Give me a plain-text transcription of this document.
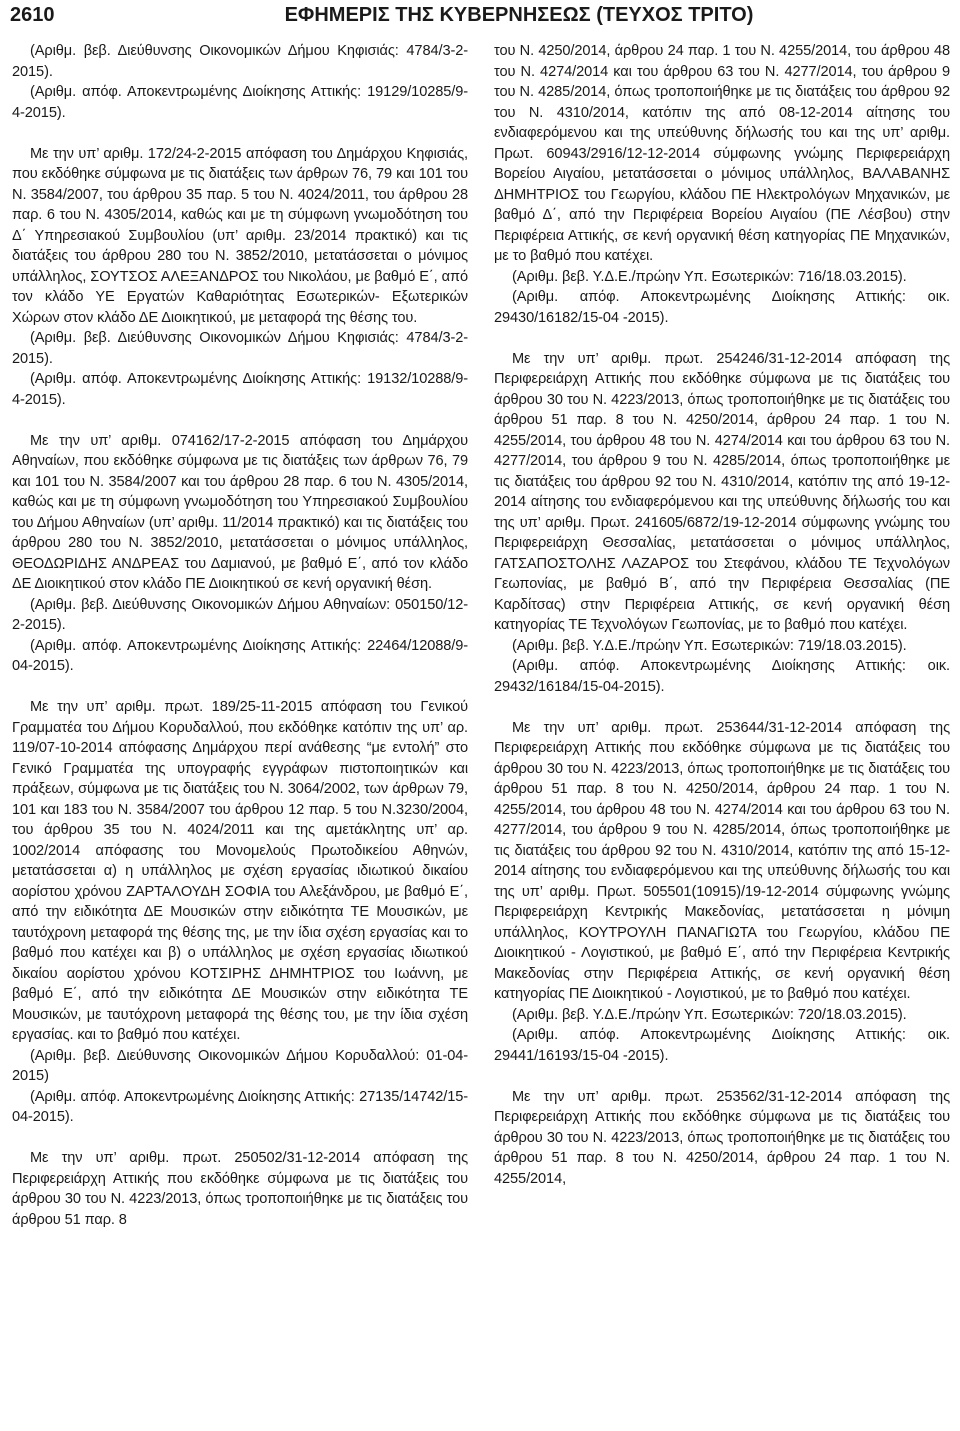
2610	ΕΦΗΜΕΡΙΣ ΤΗΣ ΚΥΒΕΡΝΗΣΕΩΣ (ΤΕΥΧΟΣ ΤΡΙΤΟ)

(Αριθμ. βεβ. Διεύθυνσης Οικονομικών Δήμου Κηφισιάς: 4784/3-2-2015).

(Αριθμ. απόφ. Αποκεντρωμένης Διοίκησης Αττικής: 19129/10285/9-4-2015).

Με την υπ’ αριθμ. 172/24-2-2015 απόφαση του Δημάρχου Κηφισιάς, που εκδόθηκε σύμφωνα με τις διατάξεις των άρθρων 76, 79 και 101 του Ν. 3584/2007, του άρθρου 35 παρ. 5 του Ν. 4024/2011, του άρθρου 28 παρ. 6 του Ν. 4305/2014, καθώς και με τη σύμφωνη γνωμοδότηση του Δ΄ Υπηρεσιακού Συμβουλίου (υπ’ αριθμ. 23/2014 πρακτικό) και τις διατάξεις του άρθρου 280 του Ν. 3852/2010, μετατάσσεται ο μόνιμος υπάλληλος, ΣΟΥΤΣΟΣ ΑΛΕΞΑΝΔΡΟΣ του Νικολάου, με βαθμό Ε΄, από τον κλάδο ΥΕ Εργατών Καθαριότητας Εσωτερικών- Εξωτερικών Χώρων στον κλάδο ΔΕ Διοικητικού, με μεταφορά της θέσης του.

(Αριθμ. βεβ. Διεύθυνσης Οικονομικών Δήμου Κηφισιάς: 4784/3-2-2015).

(Αριθμ. απόφ. Αποκεντρωμένης Διοίκησης Αττικής: 19132/10288/9-4-2015).

Με την υπ’ αριθμ. 074162/17-2-2015 απόφαση του Δημάρχου Αθηναίων, που εκδόθηκε σύμφωνα με τις διατάξεις των άρθρων 76, 79 και 101 του Ν. 3584/2007 και του άρθρου 28 παρ. 6 του Ν. 4305/2014, καθώς και με τη σύμφωνη γνωμοδότηση του Υπηρεσιακού Συμβουλίου του Δήμου Αθηναίων (υπ’ αριθμ. 11/2014 πρακτικό) και τις διατάξεις του άρθρου 280 του Ν. 3852/2010, μετατάσσεται ο μόνιμος υπάλληλος, ΘΕΟΔΩΡΙΔΗΣ ΑΝΔΡΕΑΣ του Δαμιανού, με βαθμό Ε΄, από τον κλάδο ΔΕ Διοικητικού στον κλάδο ΠΕ Διοικητικού σε κενή οργανική θέση.

(Αριθμ. βεβ. Διεύθυνσης Οικονομικών Δήμου Αθηναίων: 050150/12-2-2015).

(Αριθμ. απόφ. Αποκεντρωμένης Διοίκησης Αττικής: 22464/12088/9-04-2015).

Με την υπ’ αριθμ. πρωτ. 189/25-11-2015 απόφαση του Γενικού Γραμματέα του Δήμου Κορυδαλλού, που εκδόθηκε κατόπιν της υπ’ αρ. 119/07-10-2014 απόφασης Δημάρχου περί ανάθεσης “με εντολή” στο Γενικό Γραμματέα της υπογραφής εγγράφων πιστοποιητικών και πράξεων, σύμφωνα με τις διατάξεις του Ν. 3064/2002, των άρθρων 79, 101 και 183 του Ν. 3584/2007 του άρθρου 12 παρ. 5 του Ν.3230/2004, του άρθρου 35 του Ν. 4024/2011 και της αμετάκλητης υπ’ αρ. 1002/2014 απόφασης του Μονομελούς Πρωτοδικείου Αθηνών, μετατάσσεται α) η υπάλληλος με σχέση εργασίας ιδιωτικού δικαίου αορίστου χρόνου ΖΑΡΤΑΛΟΥΔΗ ΣΟΦΙΑ του Αλεξάνδρου, με βαθμό Ε΄, από την ειδικότητα ΔΕ Μουσικών στην ειδικότητα ΤΕ Μουσικών, με ταυτόχρονη μεταφορά της θέσης της, με την ίδια σχέση εργασίας και το βαθμό που κατέχει και β) ο υπάλληλος με σχέση εργασίας ιδιωτικού δικαίου αορίστου χρόνου ΚΟΤΣΙΡΗΣ ΔΗΜΗΤΡΙΟΣ του Ιωάννη, με βαθμό Ε΄, από την ειδικότητα ΔΕ Μουσικών στην ειδικότητα ΤΕ Μουσικών, με ταυτόχρονη μεταφορά της θέσης του, με την ίδια σχέση εργασίας. και το βαθμό που κατέχει.

(Αριθμ. βεβ. Διεύθυνσης Οικονομικών Δήμου Κορυδαλλού: 01-04-2015)

(Αριθμ. απόφ. Αποκεντρωμένης Διοίκησης Αττικής: 27135/14742/15-04-2015).

Με την υπ’ αριθμ. πρωτ. 250502/31-12-2014 απόφαση της Περιφερειάρχη Αττικής που εκδόθηκε σύμφωνα με τις διατάξεις του άρθρου 30 του Ν. 4223/2013, όπως τροποποιήθηκε με τις διατάξεις του άρθρου 51 παρ. 8

του Ν. 4250/2014, άρθρου 24 παρ. 1 του Ν. 4255/2014, του άρθρου 48 του Ν. 4274/2014 και του άρθρου 63 του Ν. 4277/2014, του άρθρου 9 του Ν. 4285/2014, όπως τροποποιήθηκε με τις διατάξεις του άρθρου 92 του Ν. 4310/2014, κατόπιν της από 08-12-2014 αίτησης του ενδιαφερόμενου και της υπεύθυνης δήλωσής του και της υπ’ αριθμ. Πρωτ. 60943/2916/12-12-2014 σύμφωνης γνώμης Περιφερειάρχη Βορείου Αιγαίου, μετατάσσεται ο μόνιμος υπάλληλος, ΒΑΛΑΒΑΝΗΣ ΔΗΜΗΤΡΙΟΣ του Γεωργίου, κλάδου ΠΕ Ηλεκτρολόγων Μηχανικών, με βαθμό Δ΄, από την Περιφέρεια Βορείου Αιγαίου (ΠΕ Λέσβου) στην Περιφέρεια Αττικής, σε κενή οργανική θέση κατηγορίας ΠΕ Μηχανικών, με το βαθμό που κατέχει.

(Αριθμ. βεβ. Υ.Δ.Ε./πρώην Υπ. Εσωτερικών: 716/18.03.2015).

(Αριθμ. απόφ. Αποκεντρωμένης Διοίκησης Αττικής: οικ. 29430/16182/15-04 -2015).

Με την υπ’ αριθμ. πρωτ. 254246/31-12-2014 απόφαση της Περιφερειάρχη Αττικής που εκδόθηκε σύμφωνα με τις διατάξεις του άρθρου 30 του Ν. 4223/2013, όπως τροποποιήθηκε με τις διατάξεις του άρθρου 51 παρ. 8 του Ν. 4250/2014, άρθρου 24 παρ. 1 του Ν. 4255/2014, του άρθρου 48 του Ν. 4274/2014 και του άρθρου 63 του Ν. 4277/2014, του άρθρου 9 του Ν. 4285/2014, όπως τροποποιήθηκε με τις διατάξεις του άρθρου 92 του Ν. 4310/2014, κατόπιν της από 19-12-2014 αίτησης του ενδιαφερόμενου και της υπεύθυνης δήλωσής του και της υπ’ αριθμ. Πρωτ. 241605/6872/19-12-2014 σύμφωνης γνώμης του Περιφερειάρχη Θεσσαλίας, μετατάσσεται ο μόνιμος υπάλληλος, ΓΑΤΣΑΠΟΣΤΟΛΗΣ ΛΑΖΑΡΟΣ του Στεφάνου, κλάδου ΤΕ Τεχνολόγων Γεωπονίας, με βαθμό Β΄, από την Περιφέρεια Θεσσαλίας (ΠΕ Καρδίτσας) στην Περιφέρεια Αττικής, σε κενή οργανική θέση κατηγορίας ΤΕ Τεχνολόγων Γεωπονίας, με το βαθμό που κατέχει.

(Αριθμ. βεβ. Υ.Δ.Ε./πρώην Υπ. Εσωτερικών: 719/18.03.2015).

(Αριθμ. απόφ. Αποκεντρωμένης Διοίκησης Αττικής: οικ. 29432/16184/15-04-2015).

Με την υπ’ αριθμ. πρωτ. 253644/31-12-2014 απόφαση της Περιφερειάρχη Αττικής που εκδόθηκε σύμφωνα με τις διατάξεις του άρθρου 30 του Ν. 4223/2013, όπως τροποποιήθηκε με τις διατάξεις του άρθρου 51 παρ. 8 του Ν. 4250/2014, άρθρου 24 παρ. 1 του Ν. 4255/2014, του άρθρου 48 του Ν. 4274/2014 και του άρθρου 63 του Ν. 4277/2014, του άρθρου 9 του Ν. 4285/2014, όπως τροποποιήθηκε με τις διατάξεις του άρθρου 92 του Ν. 4310/2014, κατόπιν της από 15-12-2014 αίτησης του ενδιαφερόμενου και της υπεύθυνης δήλωσής του και της υπ’ αριθμ. Πρωτ. 505501(10915)/19-12-2014 σύμφωνης γνώμης Περιφερειάρχη Κεντρικής Μακεδονίας, μετατάσσεται η μόνιμη υπάλληλος, ΚΟΥΤΡΟΥΛΗ ΠΑΝΑΓΙΩΤΑ του Γεωργίου, κλάδου ΠΕ Διοικητικού - Λογιστικού, με βαθμό Ε΄, από την Περιφέρεια Κεντρικής Μακεδονίας στην Περιφέρεια Αττικής, σε κενή οργανική θέση κατηγορίας ΠΕ Διοικητικού - Λογιστικού, με το βαθμό που κατέχει.

(Αριθμ. βεβ. Υ.Δ.Ε./πρώην Υπ. Εσωτερικών: 720/18.03.2015).

(Αριθμ. απόφ. Αποκεντρωμένης Διοίκησης Αττικής: οικ. 29441/16193/15-04 -2015).

Με την υπ’ αριθμ. πρωτ. 253562/31-12-2014 απόφαση της Περιφερειάρχη Αττικής που εκδόθηκε σύμφωνα με τις διατάξεις του άρθρου 30 του Ν. 4223/2013, όπως τροποποιήθηκε με τις διατάξεις του άρθρου 51 παρ. 8 του Ν. 4250/2014, άρθρου 24 παρ. 1 του Ν. 4255/2014,
